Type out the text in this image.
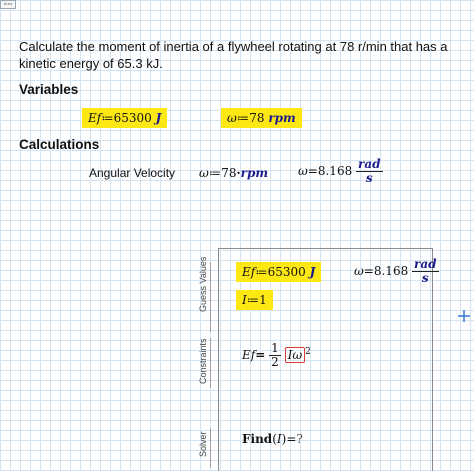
Area
Calculate the moment of inertia of a flywheel rotating at 78 r/min that has a kinetic energy of 65.3 kJ.
Variables
Ef≔65300 J	ω≔78 rpm
Calculations
Angular Velocity ω≔78·rpm $\omega=8.168 \frac{\text{rad}}{s}$
Guess Values
Constraints
Solver
Ef≔65300 J	$\omega=8.168 \frac{\text{rad}}{s}$
I≔1
$Ef= \frac{1}{2}$ Iω $^2$
Find(I)=?
